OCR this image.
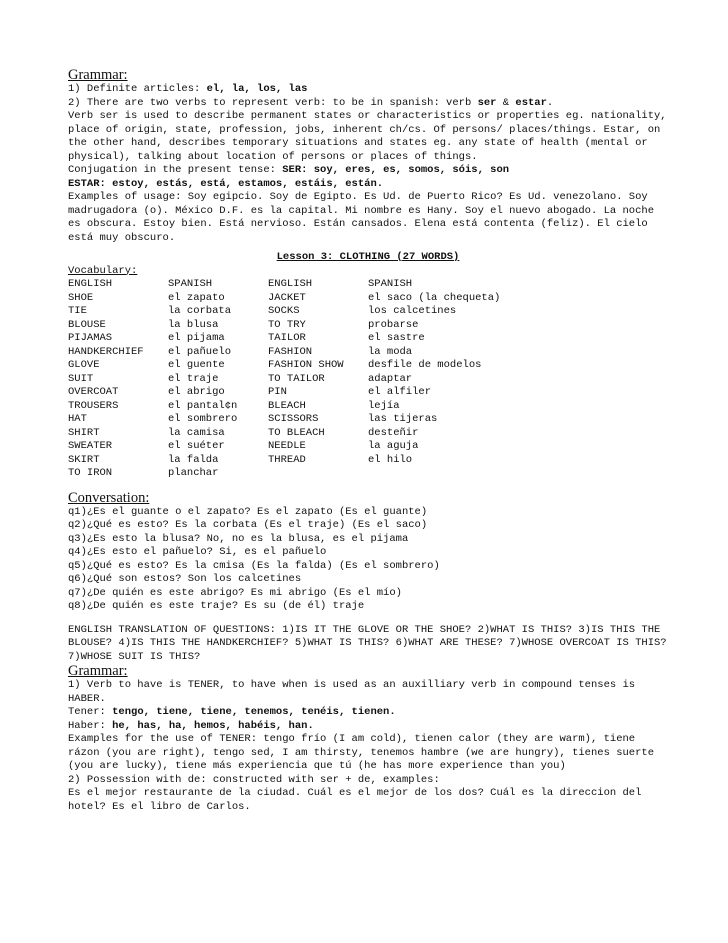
Grammar:
1) Definite articles: el, la, los, las
2) There are two verbs to represent verb: to be in spanish: verb ser & estar.
Verb ser is used to describe permanent states or characteristics or properties eg. nationality, place of origin, state, profession, jobs, inherent ch/cs. Of persons/ places/things. Estar, on the other hand, describes temporary situations and states eg. any state of health (mental or physical), talking about location of persons or places of things.
Conjugation in the present tense: SER: soy, eres, es, somos, sóis, son
ESTAR: estoy, estás, está, estamos, estáis, están.
Examples of usage: Soy egipcio. Soy de Egipto. Es Ud. de Puerto Rico? Es Ud. venezolano. Soy madrugadora (o). México D.F. es la capital. Mi nombre es Hany. Soy el nuevo abogado. La noche es obscura. Estoy bien. Está nervioso. Están cansados. Elena está contenta (feliz). El cielo está muy obscuro.
Lesson 3: CLOTHING (27 WORDS)
Vocabulary:
ENGLISH	SPANISH	ENGLISH	SPANISH
SHOE	el zapato	JACKET	el saco (la chequeta)
TIE	la corbata	SOCKS	los calcetines
BLOUSE	la blusa	TO TRY	probarse
PIJAMAS	el pijama	TAILOR	el sastre
HANDKERCHIEF	el pañuelo	FASHION	la moda
GLOVE	el guente	FASHION SHOW	desfile de modelos
SUIT	el traje	TO TAILOR	adaptar
OVERCOAT	el abrigo	PIN	el alfiler
TROUSERS	el pantal¢n	BLEACH	lejía
HAT	el sombrero	SCISSORS	las tijeras
SHIRT	la camisa	TO BLEACH	desteñir
SWEATER	el suéter	NEEDLE	la aguja
SKIRT	la falda	THREAD	el hilo
TO IRON	planchar		
Conversation:
q1)¿Es el guante o el zapato? Es el zapato (Es el guante)
q2)¿Qué es esto? Es la corbata (Es el traje) (Es el saco)
q3)¿Es esto la blusa? No, no es la blusa, es el pijama
q4)¿Es esto el pañuelo? Si, es el pañuelo
q5)¿Qué es esto? Es la cmisa (Es la falda) (Es el sombrero)
q6)¿Qué son estos? Son los calcetines
q7)¿De quién es este abrigo? Es mi abrigo (Es el mío)
q8)¿De quién es este traje? Es su (de él) traje
ENGLISH TRANSLATION OF QUESTIONS: 1)IS IT THE GLOVE OR THE SHOE? 2)WHAT IS THIS? 3)IS THIS THE BLOUSE? 4)IS THIS THE HANDKERCHIEF? 5)WHAT IS THIS? 6)WHAT ARE THESE? 7)WHOSE OVERCOAT IS THIS? 7)WHOSE SUIT IS THIS?
Grammar:
1) Verb to have is TENER, to have when is used as an auxilliary verb in compound tenses is HABER.
Tener: tengo, tiene, tiene, tenemos, tenéis, tienen.
Haber: he, has, ha, hemos, habéis, han.
Examples for the use of TENER: tengo frío (I am cold), tienen calor (they are warm), tiene rázon (you are right), tengo sed, I am thirsty, tenemos hambre (we are hungry), tienes suerte (you are lucky), tiene más experiencia que tú (he has more experience than you)
2) Possession with de: constructed with ser + de, examples:
Es el mejor restaurante de la ciudad. Cuál es el mejor de los dos? Cuál es la direccion del hotel? Es el libro de Carlos.
